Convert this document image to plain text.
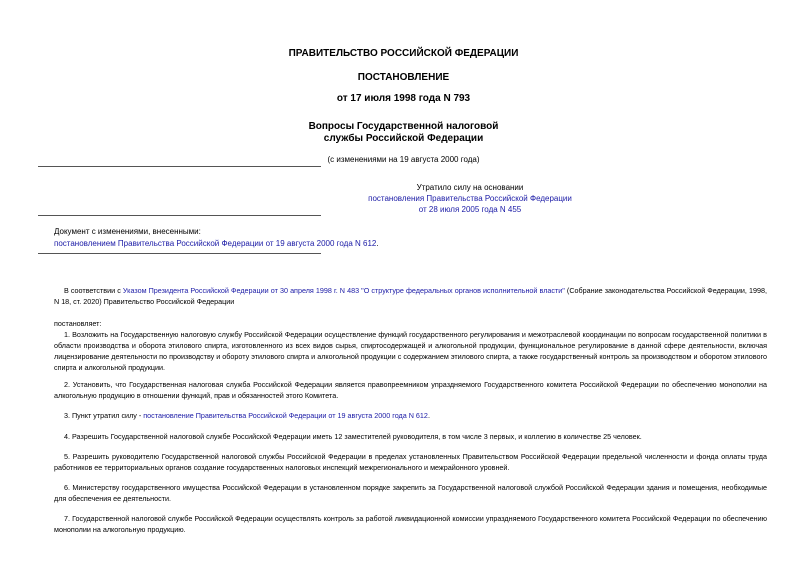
ПРАВИТЕЛЬСТВО РОССИЙСКОЙ ФЕДЕРАЦИИ
ПОСТАНОВЛЕНИЕ
от 17 июля 1998 года N 793
Вопросы Государственной налоговой
службы Российской Федерации
(с изменениями на 19 августа 2000 года)
Утратило силу на основании
постановления Правительства Российской Федерации
от 28 июля 2005 года N 455
Документ с изменениями, внесенными:
постановлением Правительства Российской Федерации от 19 августа 2000 года N 612.
В соответствии с Указом Президента Российской Федерации от 30 апреля 1998 г. N 483 "О структуре федеральных органов исполнительной власти" (Собрание законодательства Российской Федерации, 1998, N 18, ст. 2020) Правительство Российской Федерации
постановляет:
1. Возложить на Государственную налоговую службу Российской Федерации осуществление функций государственного регулирования и межотраслевой координации по вопросам государственной политики в области производства и оборота этилового спирта, изготовленного из всех видов сырья, спиртосодержащей и алкогольной продукции, функциональное регулирование в данной сфере деятельности, включая лицензирование деятельности по производству и обороту этилового спирта и алкогольной продукции с содержанием этилового спирта, а также государственный контроль за производством и оборотом этилового спирта и алкогольной продукции.
2. Установить, что Государственная налоговая служба Российской Федерации является правопреемником упраздняемого Государственного комитета Российской Федерации по обеспечению монополии на алкогольную продукцию в отношении функций, прав и обязанностей этого Комитета.
3. Пункт утратил силу - постановление Правительства Российской Федерации от 19 августа 2000 года N 612.
4. Разрешить Государственной налоговой службе Российской Федерации иметь 12 заместителей руководителя, в том числе 3 первых, и коллегию в количестве 25 человек.
5. Разрешить руководителю Государственной налоговой службы Российской Федерации в пределах установленных Правительством Российской Федерации предельной численности и фонда оплаты труда работников ее территориальных органов создание государственных налоговых инспекций межрегионального и межрайонного уровней.
6. Министерству государственного имущества Российской Федерации в установленном порядке закрепить за Государственной налоговой службой Российской Федерации здания и помещения, необходимые для обеспечения ее деятельности.
7. Государственной налоговой службе Российской Федерации осуществлять контроль за работой ликвидационной комиссии упраздняемого Государственного комитета Российской Федерации по обеспечению монополии на алкогольную продукцию.
